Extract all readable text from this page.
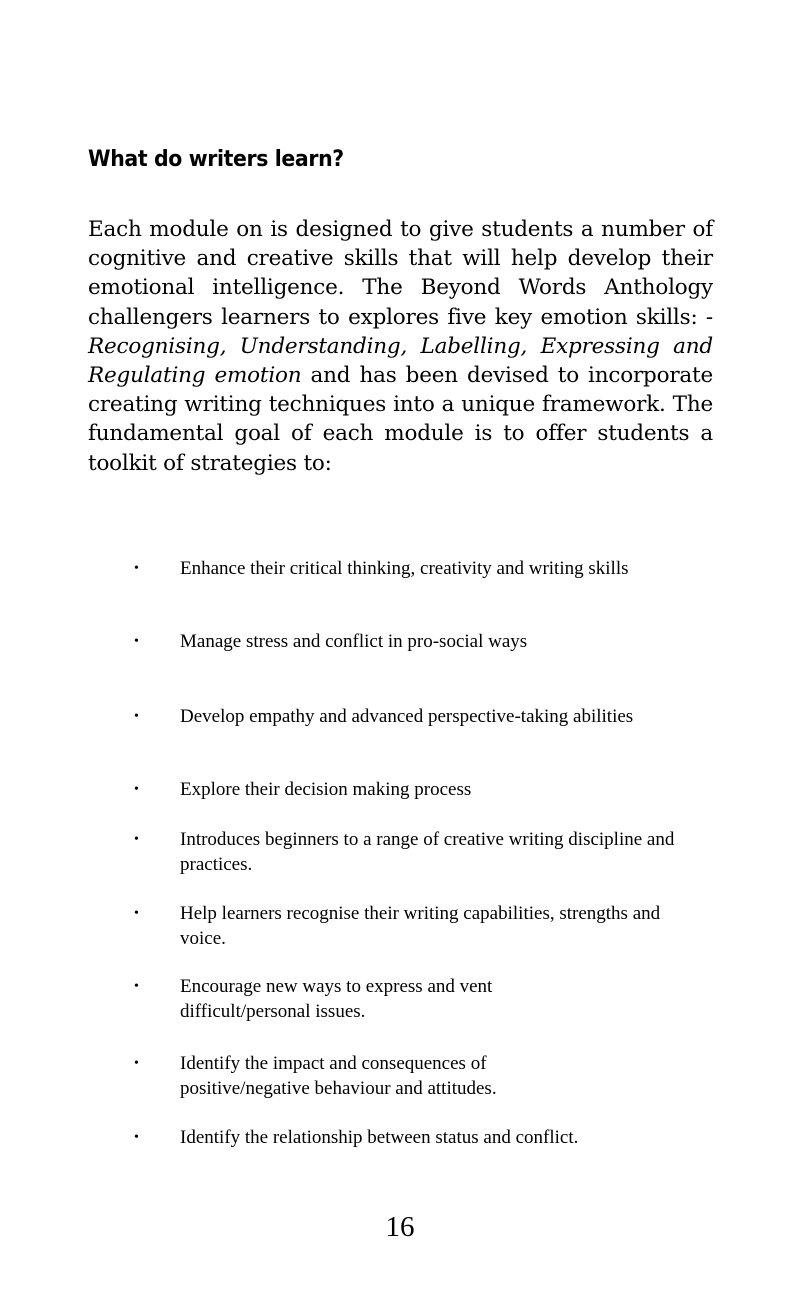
What do writers learn?

Each module on is designed to give students a number of cognitive and creative skills that will help develop their emotional intelligence. The Beyond Words Anthology challengers learners to explores five key emotion skills: - Recognising, Understanding, Labelling, Expressing and Regulating emotion and has been devised to incorporate creating writing techniques into a unique framework. The fundamental goal of each module is to offer students a toolkit of strategies to:

• Enhance their critical thinking, creativity and writing skills
• Manage stress and conflict in pro-social ways
• Develop empathy and advanced perspective-taking abilities
• Explore their decision making process
• Introduces beginners to a range of creative writing discipline and practices.
• Help learners recognise their writing capabilities, strengths and voice.
• Encourage new ways to express and vent difficult/personal issues.
• Identify the impact and consequences of positive/negative behaviour and attitudes.
• Identify the relationship between status and conflict.
16
